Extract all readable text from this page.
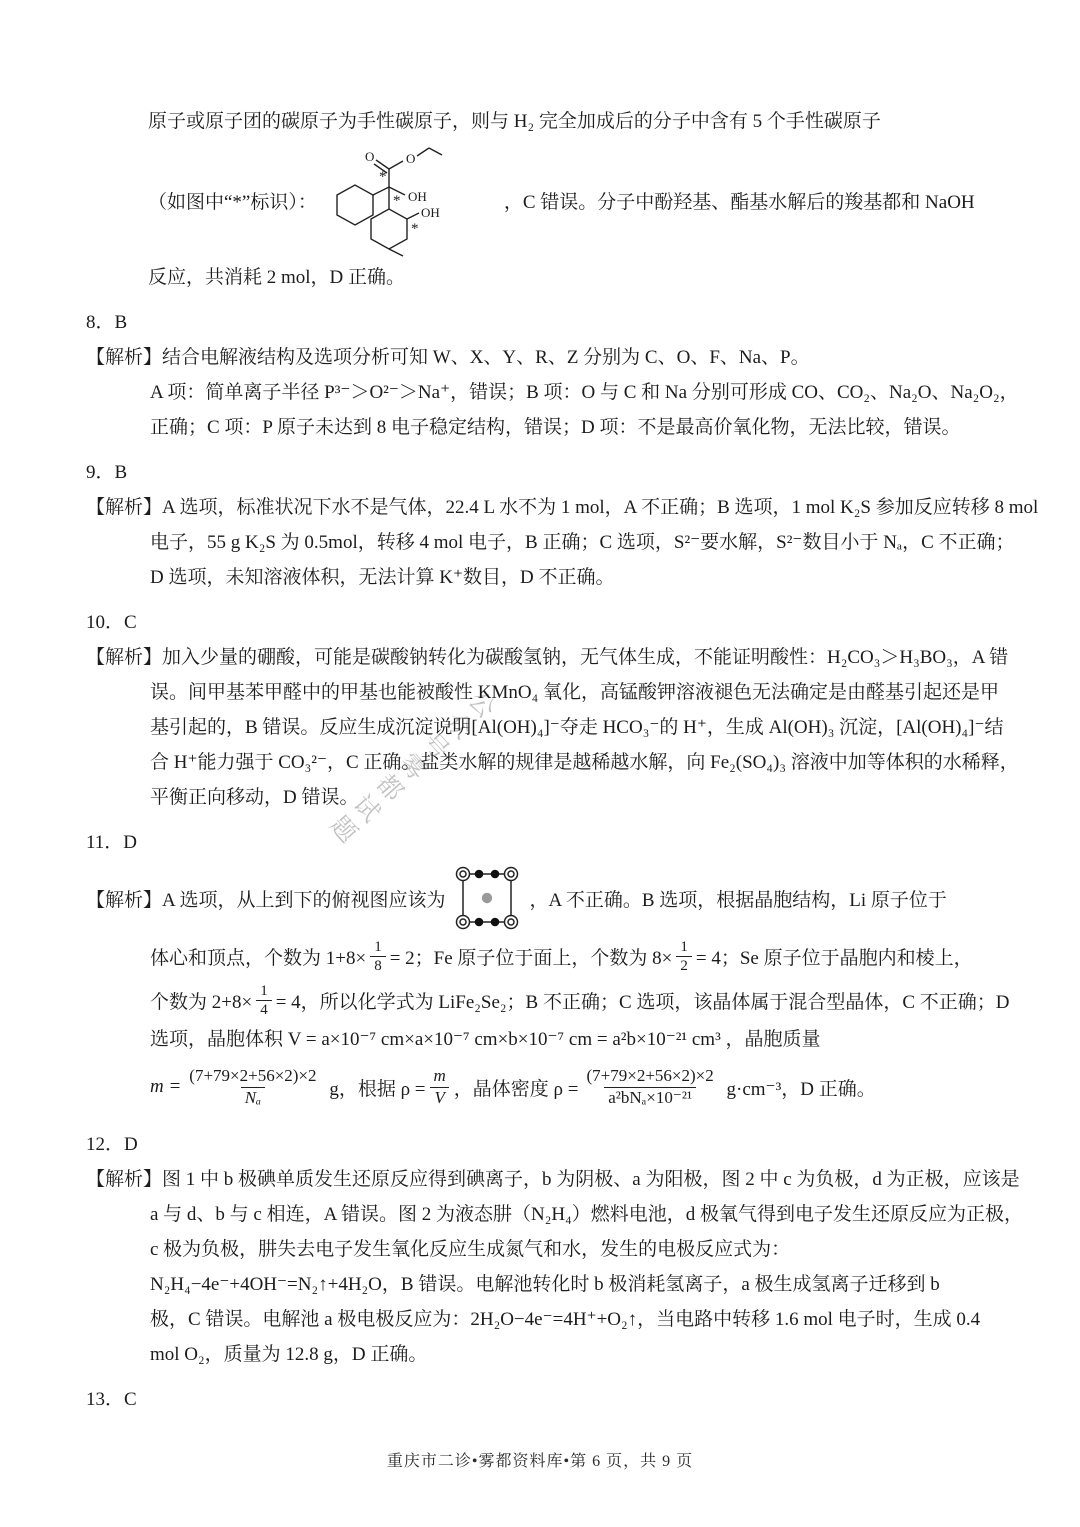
公众号雾都试题
原子或原子团的碳原子为手性碳原子，则与 H₂ 完全加成后的分子中含有 5 个手性碳原子
（如图中“*”标识）：
O O
OH
*
OH
*
*
，C 错误。分子中酚羟基、酯基水解后的羧基都和 NaOH
反应，共消耗 2 mol，D 正确。
8．B
【解析】结合电解液结构及选项分析可知 W、X、Y、R、Z 分别为 C、O、F、Na、P。
A 项：简单离子半径 P³⁻＞O²⁻＞Na⁺，错误；B 项：O 与 C 和 Na 分别可形成 CO、CO₂、Na₂O、Na₂O₂，
正确；C 项：P 原子未达到 8 电子稳定结构，错误；D 项：不是最高价氧化物，无法比较，错误。
9．B
【解析】A 选项，标准状况下水不是气体，22.4 L 水不为 1 mol，A 不正确；B 选项，1 mol K₂S 参加反应转移 8 mol
电子，55 g K₂S 为 0.5mol，转移 4 mol 电子，B 正确；C 选项，S²⁻要水解，S²⁻数目小于 Nₐ，C 不正确；
D 选项，未知溶液体积，无法计算 K⁺数目，D 不正确。
10．C
【解析】加入少量的硼酸，可能是碳酸钠转化为碳酸氢钠，无气体生成，不能证明酸性：H₂CO₃＞H₃BO₃，A 错
误。间甲基苯甲醛中的甲基也能被酸性 KMnO₄ 氧化，高锰酸钾溶液褪色无法确定是由醛基引起还是甲
基引起的，B 错误。反应生成沉淀说明[Al(OH)₄]⁻夺走 HCO₃⁻的 H⁺，生成 Al(OH)₃ 沉淀，[Al(OH)₄]⁻结
合 H⁺能力强于 CO₃²⁻，C 正确。盐类水解的规律是越稀越水解，向 Fe₂(SO₄)₃ 溶液中加等体积的水稀释，
平衡正向移动，D 错误。
11．D
【解析】 A 选项，从上到下的俯视图应该为	，A 不正确。B 选项，根据晶胞结构，Li 原子位于
体心和顶点，个数为 $1+8\times \frac{1}{8} = 2$；Fe 原子位于面上，个数为 $8\times \frac{1}{2} = 4$；Se 原子位于晶胞内和棱上，
个数为 $2+8\times \frac{1}{4} = 4$，所以化学式为 LiFe₂Se₂；B 不正确；C 选项，该晶体属于混合型晶体，C 不正确；D
选项，晶胞体积 V = a×10⁻⁷ cm×a×10⁻⁷ cm×b×10⁻⁷ cm = a²b×10⁻²¹ cm³ ，晶胞质量
$m = \frac{(7+79\times 2+56\times 2)\times 2}{\text{Nₐ}}$ g，根据 $\rho = \frac{m}{V}$ ，晶体密度 $\rho = \frac{(7+79\times 2+56\times 2)\times 2}{\text{a²bNₐ×10⁻²¹}} g\cdot cm^{-3}$，D 正确。
12．D
【解析】图 1 中 b 极碘单质发生还原反应得到碘离子，b 为阴极、a 为阳极，图 2 中 c 为负极，d 为正极，应该是
a 与 d、b 与 c 相连，A 错误。图 2 为液态肼（N₂H₄）燃料电池，d 极氧气得到电子发生还原反应为正极，
c 极为负极，肼失去电子发生氧化反应生成氮气和水，发生的电极反应式为：
N₂H₄−4e⁻+4OH⁻=N₂↑+4H₂O，B 错误。电解池转化时 b 极消耗氢离子，a 极生成氢离子迁移到 b
极，C 错误。电解池 a 极电极反应为：2H₂O−4e⁻=4H⁺+O₂↑，当电路中转移 1.6 mol 电子时，生成 0.4
mol O₂，质量为 12.8 g，D 正确。
13．C
重庆市二诊•雾都资料库•第 6 页，共 9 页
